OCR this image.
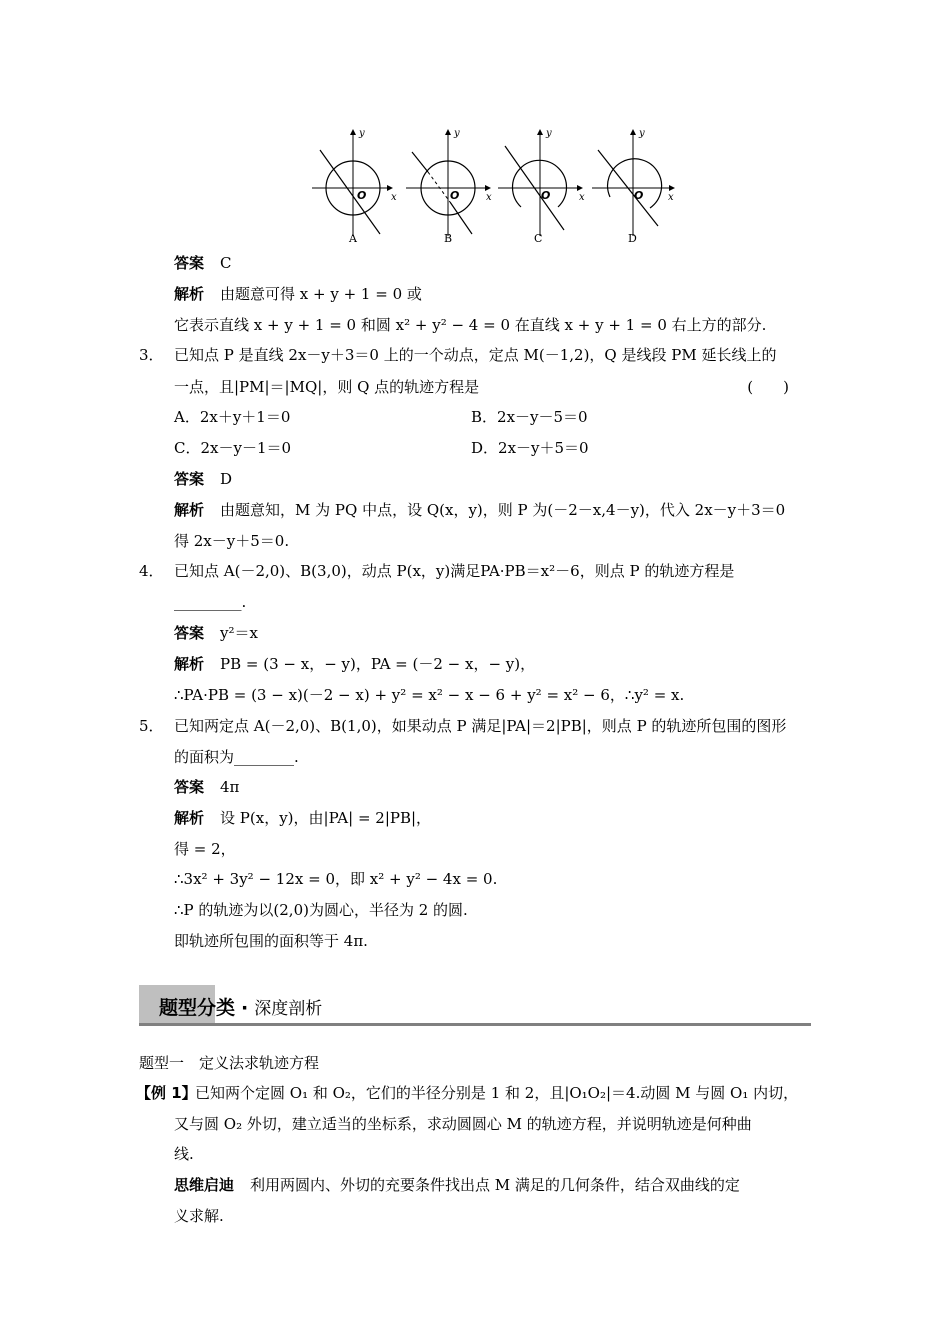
y
x
O
A
y
x
O
B
y
x
O
C
y
x
O
D
答案 C
解析 由题意可得 x + y + 1 = 0 或
它表示直线 x + y + 1 = 0 和圆 x² + y² − 4 = 0 在直线 x + y + 1 = 0 右上方的部分.
3． 已知点 P 是直线 2x－y＋3＝0 上的一个动点，定点 M(－1,2)，Q 是线段 PM 延长线上的
一点，且|PM|＝|MQ|，则 Q 点的轨迹方程是	(　　)
A．2x＋y＋1＝0	B．2x－y－5＝0
C．2x－y－1＝0	D．2x－y＋5＝0
答案 D
解析 由题意知，M 为 PQ 中点，设 Q(x，y)，则 P 为(－2－x,4－y)，代入 2x－y＋3＝0
得 2x－y＋5＝0.
4． 已知点 A(－2,0)、B(3,0)，动点 P(x，y)满足PA·PB＝x²－6，则点 P 的轨迹方程是
_________.
答案 y²＝x
解析 PB = (3 − x，− y)，PA = (－2 − x，− y)，
∴PA·PB = (3 − x)(－2 − x) + y² = x² − x − 6 + y² = x² − 6，∴y² = x.
5． 已知两定点 A(－2,0)、B(1,0)，如果动点 P 满足|PA|＝2|PB|，则点 P 的轨迹所包围的图形
的面积为________.
答案 4π
解析 设 P(x，y)，由|PA| = 2|PB|，
得 = 2，
∴3x² + 3y² − 12x = 0，即 x² + y² − 4x = 0.
∴P 的轨迹为以(2,0)为圆心，半径为 2 的圆.
即轨迹所包围的面积等于 4π.
题型分类 · 深度剖析
题型一　定义法求轨迹方程
【例 1】
已知两个定圆 O₁ 和 O₂，它们的半径分别是 1 和 2，且|O₁O₂|＝4.动圆 M 与圆 O₁ 内切，
又与圆 O₂ 外切，建立适当的坐标系，求动圆圆心 M 的轨迹方程，并说明轨迹是何种曲
线.
思维启迪 利用两圆内、外切的充要条件找出点 M 满足的几何条件，结合双曲线的定
义求解.
